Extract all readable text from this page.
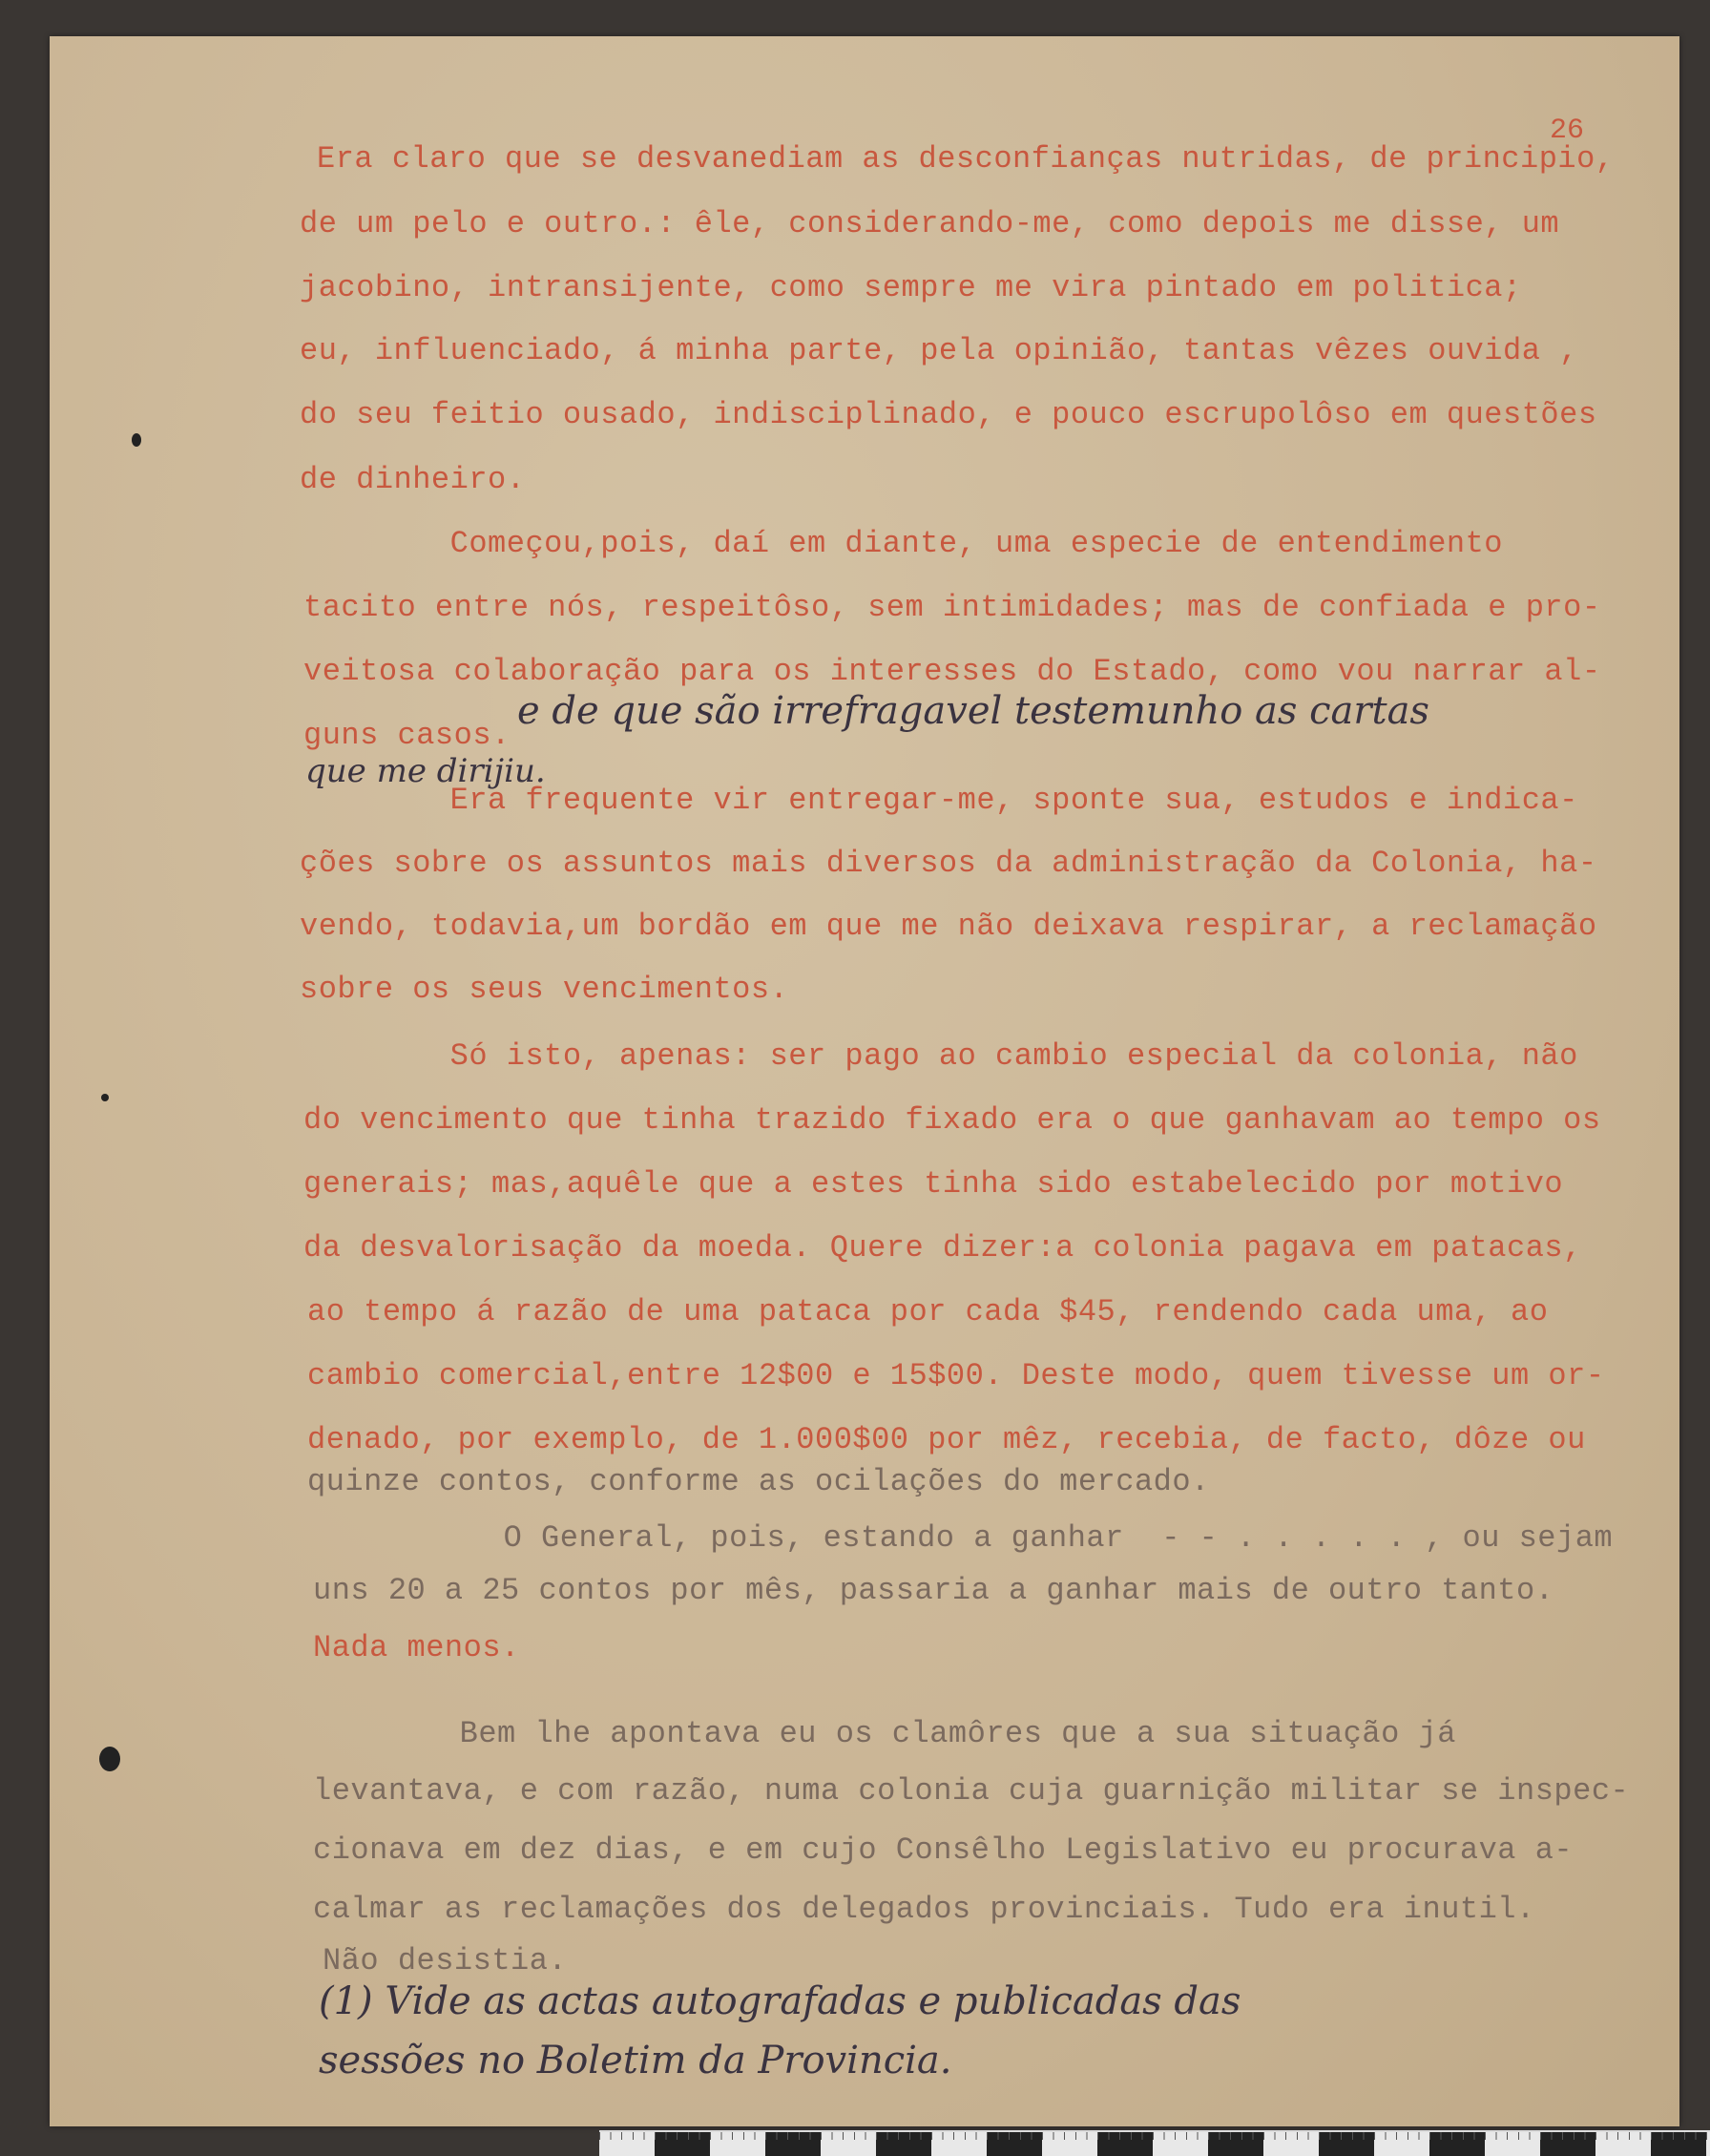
26
Era claro que se desvanediam as desconfianças nutridas, de principio,
de um pelo e outro.: êle, considerando-me, como depois me disse, um
jacobino, intransijente, como sempre me vira pintado em politica;
eu, influenciado, á minha parte, pela opinião, tantas vêzes ouvida ,
do seu feitio ousado, indisciplinado, e pouco escrupolôso em questões
de dinheiro.
Começou,pois, daí em diante, uma especie de entendimento
tacito entre nós, respeitôso, sem intimidades; mas de confiada e pro-
veitosa colaboração para os interesses do Estado, como vou narrar al-
guns casos.
e de que são irrefragavel testemunho as cartas
que me dirijiu.
Era frequente vir entregar-me, sponte sua, estudos e indica-
ções sobre os assuntos mais diversos da administração da Colonia, ha-
vendo, todavia,um bordão em que me não deixava respirar, a reclamação
sobre os seus vencimentos.
Só isto, apenas: ser pago ao cambio especial da colonia, não
do vencimento que tinha trazido fixado era o que ganhavam ao tempo os
generais; mas,aquêle que a estes tinha sido estabelecido por motivo
da desvalorisação da moeda. Quere dizer:a colonia pagava em patacas,
ao tempo á razão de uma pataca por cada $45, rendendo cada uma, ao
cambio comercial,entre 12$00 e 15$00. Deste modo, quem tivesse um or-
denado, por exemplo, de 1.000$00 por mêz, recebia, de facto, dôze ou
quinze contos, conforme as ocilações do mercado.
O General, pois, estando a ganhar  - - . . . . . , ou sejam
uns 20 a 25 contos por mês, passaria a ganhar mais de outro tanto.
Nada menos.
Bem lhe apontava eu os clamôres que a sua situação já
levantava, e com razão, numa colonia cuja guarnição militar se inspec-
cionava em dez dias, e em cujo Consêlho Legislativo eu procurava a-
calmar as reclamações dos delegados provinciais. Tudo era inutil.
Não desistia.
(1) Vide as actas autografadas e publicadas das
sessões no Boletim da Provincia.
